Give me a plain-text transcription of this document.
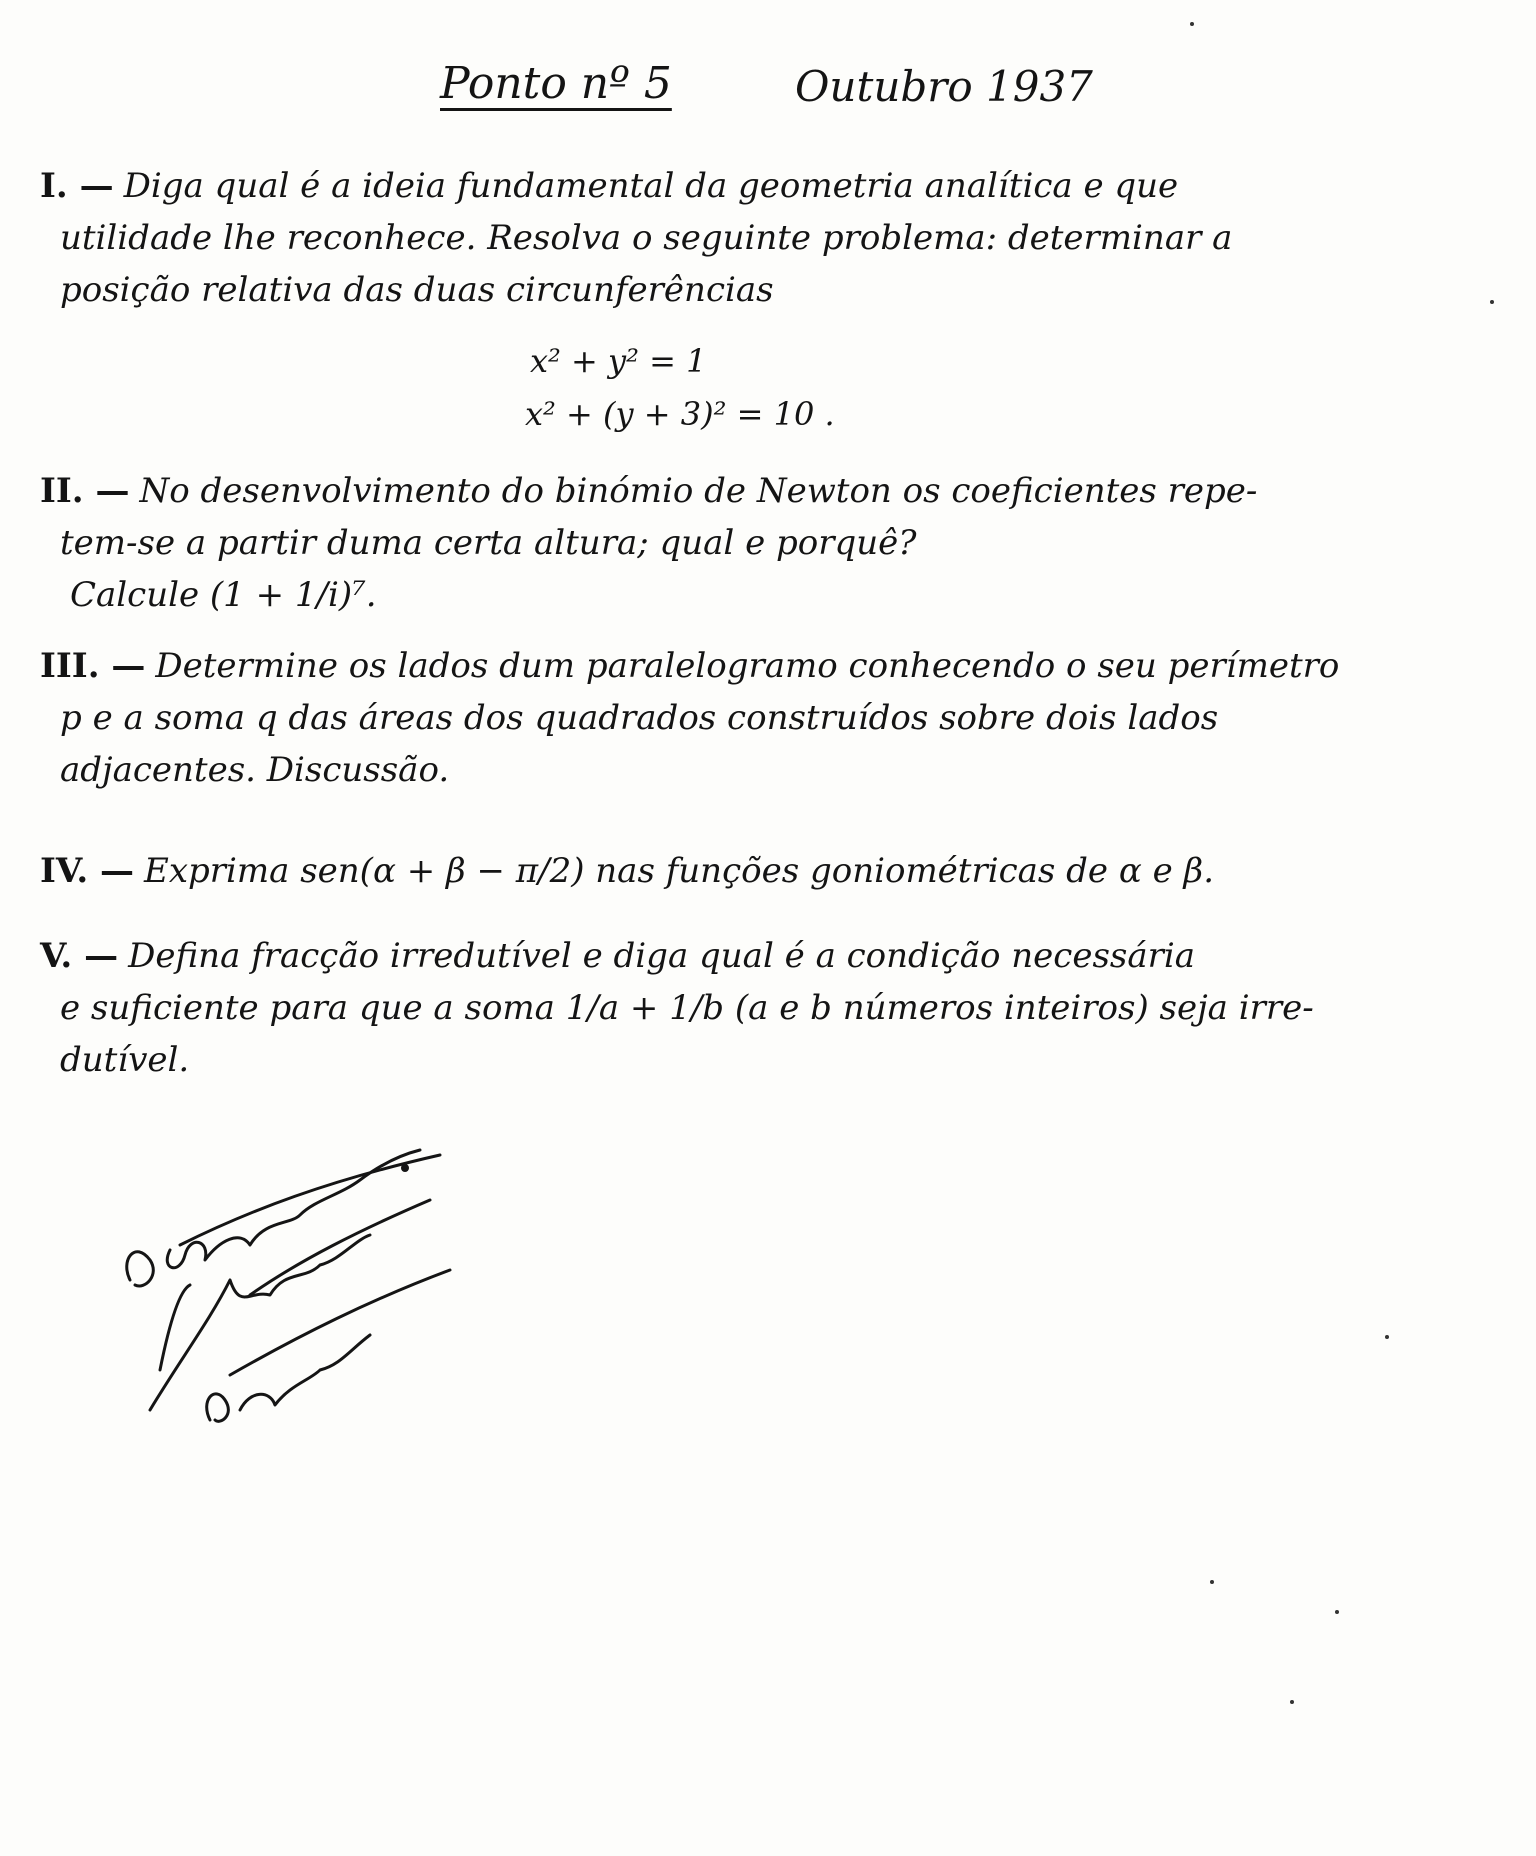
Ponto nº 5	Outubro 1937
I. — Diga qual é a ideia fundamental da geometria analítica e que
utilidade lhe reconhece. Resolva o seguinte problema: determinar a
posição relativa das duas circunferências
x² + y² = 1
x² + (y + 3)² = 10 .
II. — No desenvolvimento do binómio de Newton os coeficientes repe-
tem-se a partir duma certa altura; qual e porquê?
Calcule (1 + 1/i)⁷.
III. — Determine os lados dum paralelogramo conhecendo o seu perímetro
p e a soma q das áreas dos quadrados construídos sobre dois lados
adjacentes. Discussão.
IV. — Exprima sen(α + β − π/2) nas funções goniométricas de α e β.
V. — Defina fracção irredutível e diga qual é a condição necessária
e suficiente para que a soma 1/a + 1/b (a e b números inteiros) seja irre-
dutível.
